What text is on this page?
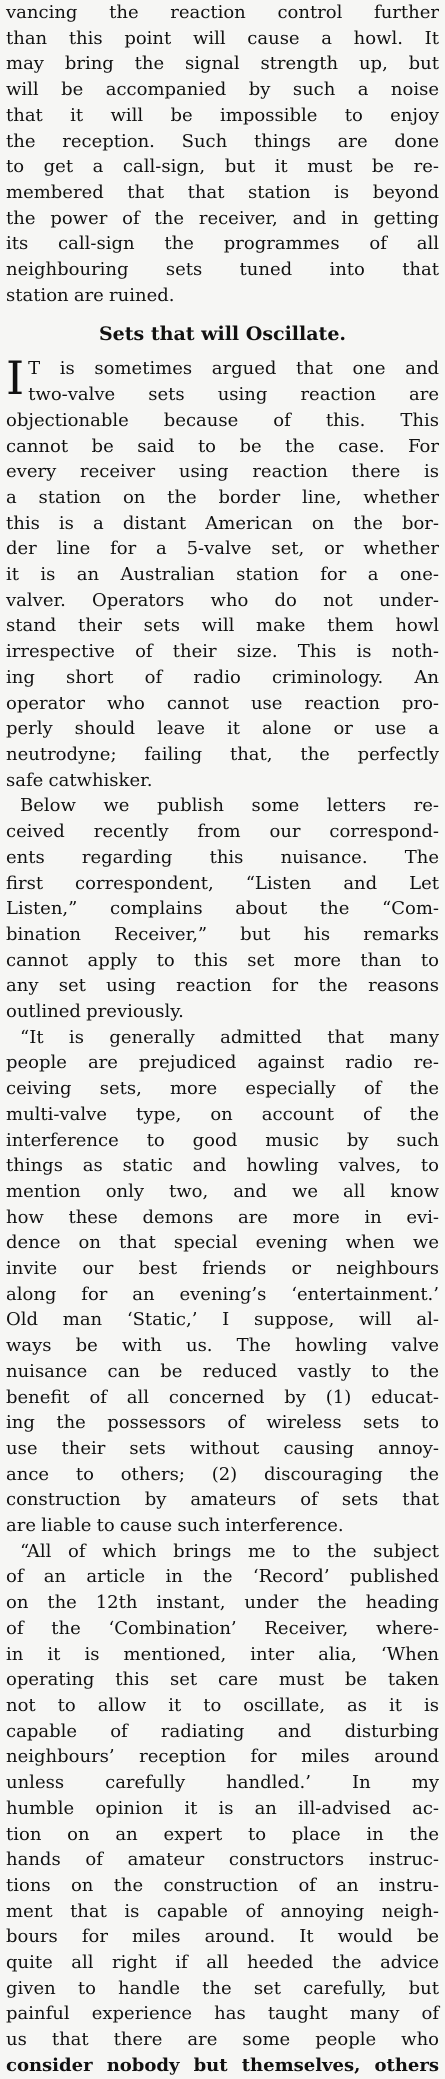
vancing the reaction control further
than this point will cause a howl. It
may bring the signal strength up, but
will be accompanied by such a noise
that it will be impossible to enjoy
the reception. Such things are done
to get a call-sign, but it must be re-
membered that that station is beyond
the power of the receiver, and in getting
its call-sign the programmes of all
neighbouring sets tuned into that
station are ruined.
Sets that will Oscillate.
I T is sometimes argued that one and
two-valve sets using reaction are
objectionable because of this. This
cannot be said to be the case. For
every receiver using reaction there is
a station on the border line, whether
this is a distant American on the bor-
der line for a 5-valve set, or whether
it is an Australian station for a one-
valver. Operators who do not under-
stand their sets will make them howl
irrespective of their size. This is noth-
ing short of radio criminology. An
operator who cannot use reaction pro-
perly should leave it alone or use a
neutrodyne; failing that, the perfectly
safe catwhisker.
Below we publish some letters re-
ceived recently from our correspond-
ents regarding this nuisance. The
first correspondent, “Listen and Let
Listen,” complains about the “Com-
bination Receiver,” but his remarks
cannot apply to this set more than to
any set using reaction for the reasons
outlined previously.
“It is generally admitted that many
people are prejudiced against radio re-
ceiving sets, more especially of the
multi-valve type, on account of the
interference to good music by such
things as static and howling valves, to
mention only two, and we all know
how these demons are more in evi-
dence on that special evening when we
invite our best friends or neighbours
along for an evening’s ‘entertainment.’
Old man ‘Static,’ I suppose, will al-
ways be with us. The howling valve
nuisance can be reduced vastly to the
benefit of all concerned by (1) educat-
ing the possessors of wireless sets to
use their sets without causing annoy-
ance to others; (2) discouraging the
construction by amateurs of sets that
are liable to cause such interference.
“All of which brings me to the subject
of an article in the ‘Record’ published
on the 12th instant, under the heading
of the ‘Combination’ Receiver, where-
in it is mentioned, inter alia, ‘When
operating this set care must be taken
not to allow it to oscillate, as it is
capable of radiating and disturbing
neighbours’ reception for miles around
unless carefully handled.’ In my
humble opinion it is an ill-advised ac-
tion on an expert to place in the
hands of amateur constructors instruc-
tions on the construction of an instru-
ment that is capable of annoying neigh-
bours for miles around. It would be
quite all right if all heeded the advice
given to handle the set carefully, but
painful experience has taught many of
us that there are some people who
consider nobody but themselves, others
